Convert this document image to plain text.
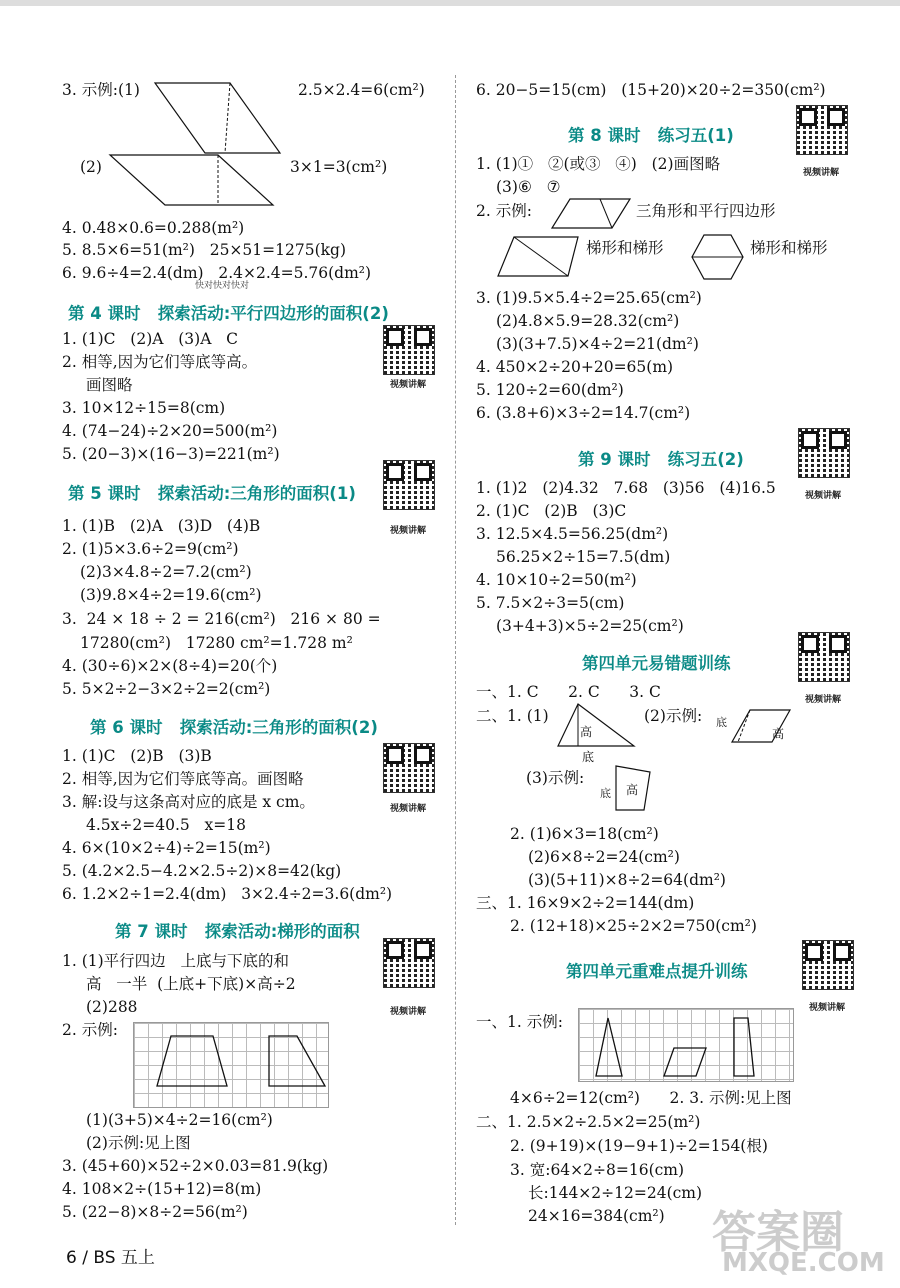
3. 示例:(1)	2.5×2.4=6(cm²)
(2)	3×1=3(cm²)
4. 0.48×0.6=0.288(m²)
5. 8.5×6=51(m²)   25×51=1275(kg)
6. 9.6÷4=2.4(dm)   2.4×2.4=5.76(dm²)
快对快对快对
第 4 课时   探索活动:平行四边形的面积(2)
1. (1)C   (2)A   (3)A   C
2. 相等,因为它们等底等高。
画图略
3. 10×12÷15=8(cm)
4. (74−24)÷2×20=500(m²)
5. (20−3)×(16−3)=221(m²)
视频讲解
第 5 课时   探索活动:三角形的面积(1)
1. (1)B   (2)A   (3)D   (4)B
2. (1)5×3.6÷2=9(cm²)
(2)3×4.8÷2=7.2(cm²)
(3)9.8×4÷2=19.6(cm²)
3.  24 × 18 ÷ 2 = 216(cm²)   216 × 80 =
17280(cm²)   17280 cm²=1.728 m²
4. (30÷6)×2×(8÷4)=20(个)
5. 5×2÷2−3×2÷2=2(cm²)
视频讲解
第 6 课时   探索活动:三角形的面积(2)
1. (1)C   (2)B   (3)B
2. 相等,因为它们等底等高。画图略
3. 解:设与这条高对应的底是 x cm。
4.5x÷2=40.5   x=18
4. 6×(10×2÷4)÷2=15(m²)
5. (4.2×2.5−4.2×2.5÷2)×8=42(kg)
6. 1.2×2÷1=2.4(dm)   3×2.4÷2=3.6(dm²)
视频讲解
第 7 课时   探索活动:梯形的面积
1. (1)平行四边   上底与下底的和
高   一半  (上底+下底)×高÷2
(2)288
2. 示例:
(1)(3+5)×4÷2=16(cm²)
(2)示例:见上图
3. (45+60)×52÷2×0.03=81.9(kg)
4. 108×2÷(15+12)=8(m)
5. (22−8)×8÷2=56(m²)
视频讲解
6. 20−5=15(cm)   (15+20)×20÷2=350(cm²)
第 8 课时   练习五(1)
视频讲解
1. (1)①   ②(或③   ④)   (2)画图略
(3)⑥   ⑦
2. 示例:	三角形和平行四边形
梯形和梯形	梯形和梯形
3. (1)9.5×5.4÷2=25.65(cm²)
(2)4.8×5.9=28.32(cm²)
(3)(3+7.5)×4÷2=21(dm²)
4. 450×2÷20+20=65(m)
5. 120÷2=60(dm²)
6. (3.8+6)×3÷2=14.7(cm²)
第 9 课时   练习五(2)
视频讲解
1. (1)2   (2)4.32   7.68   (3)56   (4)16.5
2. (1)C   (2)B   (3)C
3. 12.5×4.5=56.25(dm²)
56.25×2÷15=7.5(dm)
4. 10×10÷2=50(m²)
5. 7.5×2÷3=5(cm)
(3+4+3)×5÷2=25(cm²)
第四单元易错题训练
视频讲解
一、1. C      2. C      3. C
二、1. (1)
高
底
(2)示例: 底
高
(3)示例:
底 高
2. (1)6×3=18(cm²)
(2)6×8÷2=24(cm²)
(3)(5+11)×8÷2=64(dm²)
三、1. 16×9×2÷2=144(dm)
2. (12+18)×25÷2×2=750(cm²)
第四单元重难点提升训练
视频讲解
一、1. 示例:
4×6÷2=12(cm²)      2. 3. 示例:见上图
二、1. 2.5×2÷2.5×2=25(m²)
2. (9+19)×(19−9+1)÷2=154(根)
3. 宽:64×2÷8=16(cm)
长:144×2÷12=24(cm)
24×16=384(cm²) 答案圈
MXQE.COM
6 / BS 五上
